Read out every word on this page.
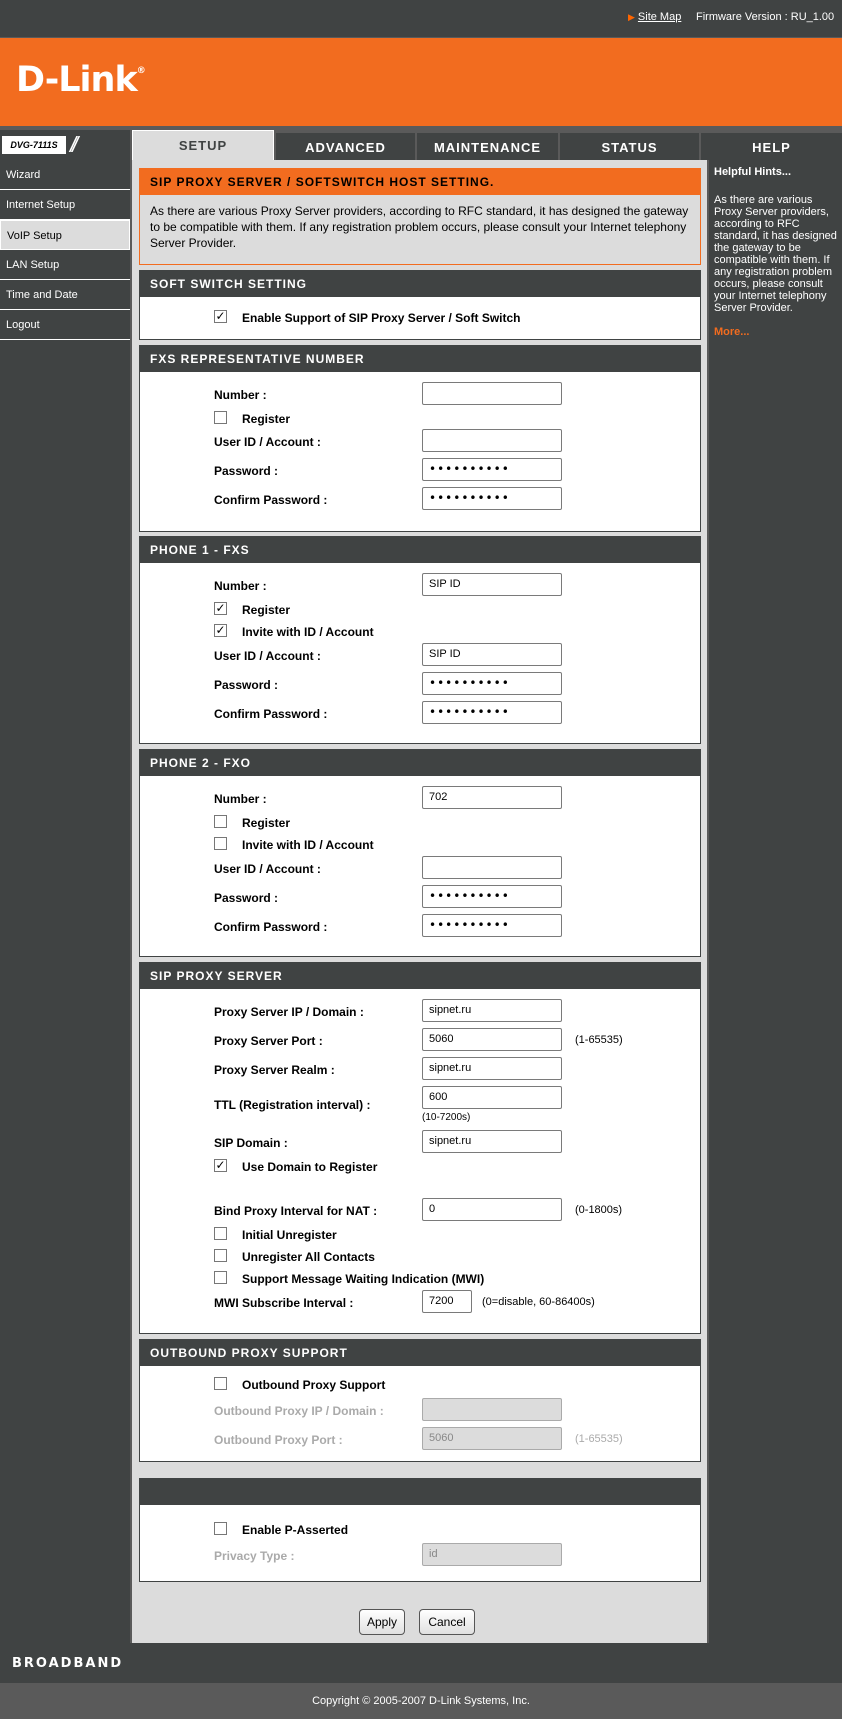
▶ Site Map Firmware Version : RU_1.00
D-Link®
DVG-7111S //	SETUP	ADVANCED	MAINTENANCE	STATUS	HELP
Wizard
Internet Setup
VoIP Setup
LAN Setup
Time and Date
Logout
SIP PROXY SERVER / SOFTSWITCH HOST SETTING.
As there are various Proxy Server providers, according to RFC standard, it has designed the gateway to be compatible with them. If any registration problem occurs, please consult your Internet telephony Server Provider.
SOFT SWITCH SETTING
✓ Enable Support of SIP Proxy Server / Soft Switch
FXS REPRESENTATIVE NUMBER
Number :
Register
User ID / Account :
Password :	••••••••••
Confirm Password :	••••••••••
PHONE 1 - FXS
Number :	SIP ID
✓ Register
✓ Invite with ID / Account
User ID / Account :	SIP ID
Password :	••••••••••
Confirm Password :	••••••••••
PHONE 2 - FXO
Number :	702
Register
Invite with ID / Account
User ID / Account :
Password :	••••••••••
Confirm Password :	••••••••••
SIP PROXY SERVER
Proxy Server IP / Domain :	sipnet.ru
Proxy Server Port :	5060	(1-65535)
Proxy Server Realm :	sipnet.ru
TTL (Registration interval) :
600
(10-7200s)
SIP Domain :	sipnet.ru
✓ Use Domain to Register
Bind Proxy Interval for NAT :	0	(0-1800s)
Initial Unregister
Unregister All Contacts
Support Message Waiting Indication (MWI)
MWI Subscribe Interval :	7200	(0=disable, 60-86400s)
OUTBOUND PROXY SUPPORT
Outbound Proxy Support
Outbound Proxy IP / Domain :
Outbound Proxy Port :	5060	(1-65535)
Enable P-Asserted
Privacy Type :	id
Apply	Cancel
Helpful Hints...
As there are various Proxy Server providers, according to RFC standard, it has designed the gateway to be compatible with them. If any registration problem occurs, please consult your Internet telephony Server Provider.
More...
BROADBAND
Copyright © 2005-2007 D-Link Systems, Inc.
